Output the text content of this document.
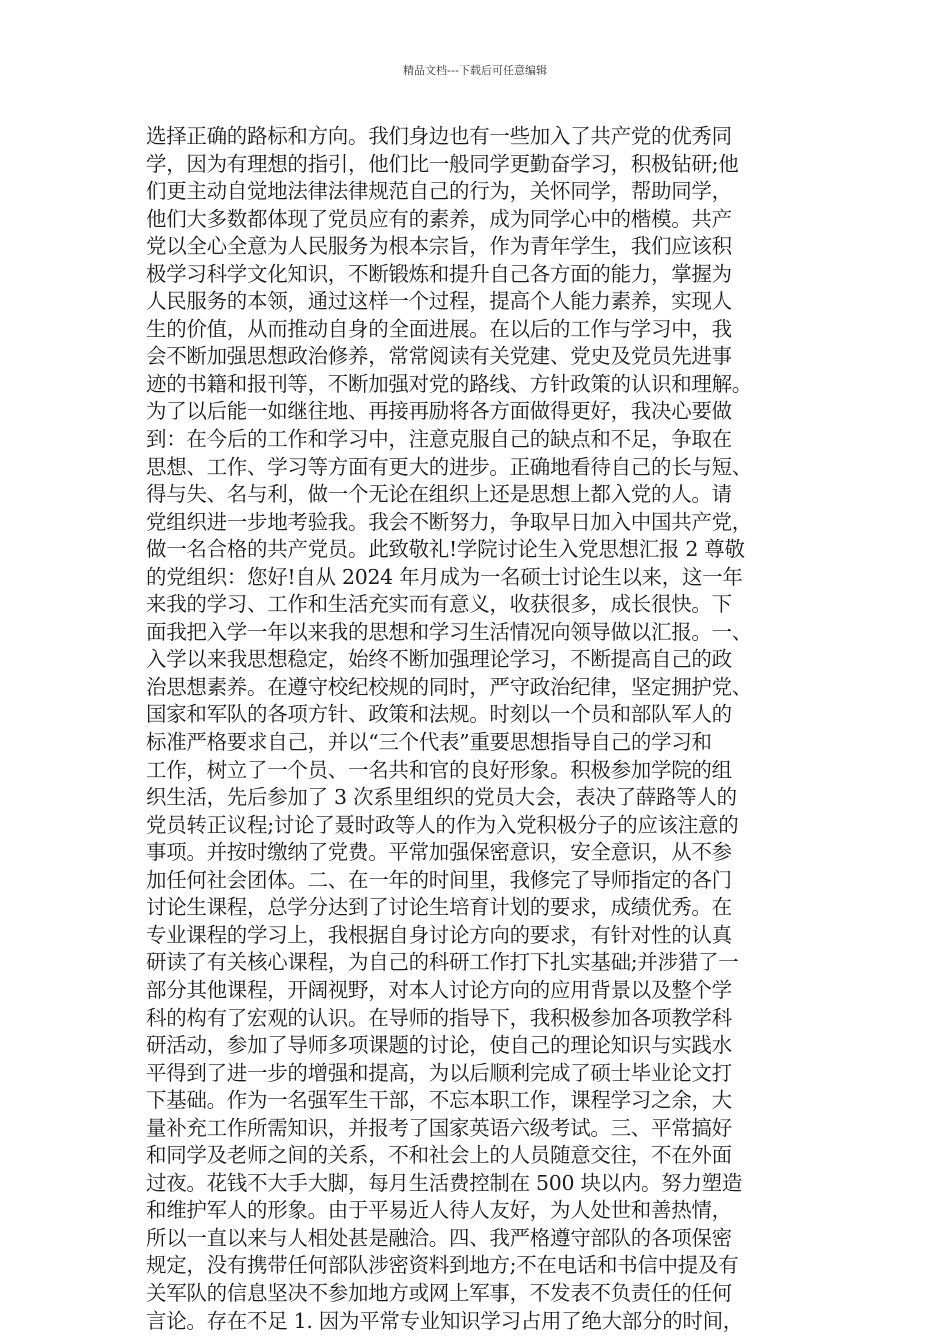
精品文档---下载后可任意编辑
选择正确的路标和方向。我们身边也有一些加入了共产党的优秀同
学，因为有理想的指引，他们比一般同学更勤奋学习，积极钻研;他
们更主动自觉地法律法律规范自己的行为，关怀同学，帮助同学，
他们大多数都体现了党员应有的素养，成为同学心中的楷模。共产
党以全心全意为人民服务为根本宗旨，作为青年学生，我们应该积
极学习科学文化知识，不断锻炼和提升自己各方面的能力，掌握为
人民服务的本领，通过这样一个过程，提高个人能力素养，实现人
生的价值，从而推动自身的全面进展。在以后的工作与学习中，我
会不断加强思想政治修养，常常阅读有关党建、党史及党员先进事
迹的书籍和报刊等，不断加强对党的路线、方针政策的认识和理解。
为了以后能一如继往地、再接再励将各方面做得更好，我决心要做
到：在今后的工作和学习中，注意克服自己的缺点和不足，争取在
思想、工作、学习等方面有更大的进步。正确地看待自己的长与短、
得与失、名与利，做一个无论在组织上还是思想上都入党的人。请
党组织进一步地考验我。我会不断努力，争取早日加入中国共产党，
做一名合格的共产党员。此致敬礼!学院讨论生入党思想汇报 2 尊敬
的党组织：您好!自从 2024 年月成为一名硕士讨论生以来，这一年
来我的学习、工作和生活充实而有意义，收获很多，成长很快。下
面我把入学一年以来我的思想和学习生活情况向领导做以汇报。一、
入学以来我思想稳定，始终不断加强理论学习，不断提高自己的政
治思想素养。在遵守校纪校规的同时，严守政治纪律，坚定拥护党、
国家和军队的各项方针、政策和法规。时刻以一个员和部队军人的
标准严格要求自己，并以“三个代表”重要思想指导自己的学习和
工作，树立了一个员、一名共和官的良好形象。积极参加学院的组
织生活，先后参加了 3 次系里组织的党员大会，表决了薛路等人的
党员转正议程;讨论了聂时政等人的作为入党积极分子的应该注意的
事项。并按时缴纳了党费。平常加强保密意识，安全意识，从不参
加任何社会团体。二、在一年的时间里，我修完了导师指定的各门
讨论生课程，总学分达到了讨论生培育计划的要求，成绩优秀。在
专业课程的学习上，我根据自身讨论方向的要求，有针对性的认真
研读了有关核心课程，为自己的科研工作打下扎实基础;并涉猎了一
部分其他课程，开阔视野，对本人讨论方向的应用背景以及整个学
科的构有了宏观的认识。在导师的指导下，我积极参加各项教学科
研活动，参加了导师多项课题的讨论，使自己的理论知识与实践水
平得到了进一步的增强和提高，为以后顺利完成了硕士毕业论文打
下基础。作为一名强军生干部，不忘本职工作，课程学习之余，大
量补充工作所需知识，并报考了国家英语六级考试。三、平常搞好
和同学及老师之间的关系，不和社会上的人员随意交往，不在外面
过夜。花钱不大手大脚，每月生活费控制在 500 块以内。努力塑造
和维护军人的形象。由于平易近人待人友好，为人处世和善热情，
所以一直以来与人相处甚是融洽。四、我严格遵守部队的各项保密
规定，没有携带任何部队涉密资料到地方;不在电话和书信中提及有
关军队的信息坚决不参加地方或网上军事，不发表不负责任的任何
言论。存在不足 1. 因为平常专业知识学习占用了绝大部分的时间，
